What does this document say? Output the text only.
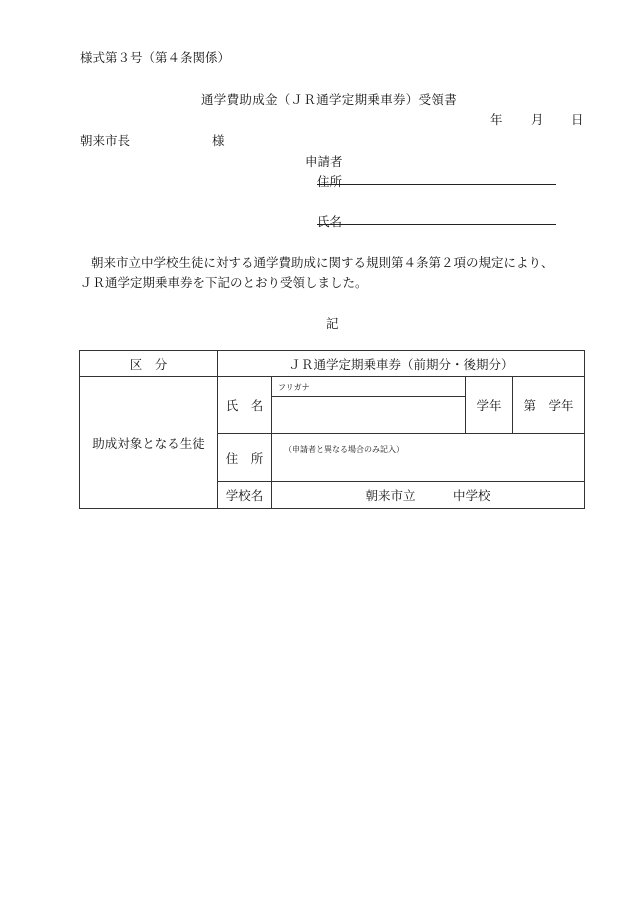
様式第３号（第４条関係）
通学費助成金（ＪＲ通学定期乗車券）受領書
年 月 日
朝来市長	様
申請者
住所
氏名
朝来市立中学校生徒に対する通学費助成に関する規則第４条第２項の規定により、
ＪＲ通学定期乗車券を下記のとおり受領しました。
記
区　分	ＪＲ通学定期乗車券（前期分・後期分）			
助成対象となる生徒	氏　名	フリガナ	学年	第　学年
	住　所	（申請者と異なる場合のみ記入）		
	学校名	朝来市立　　　中学校		
